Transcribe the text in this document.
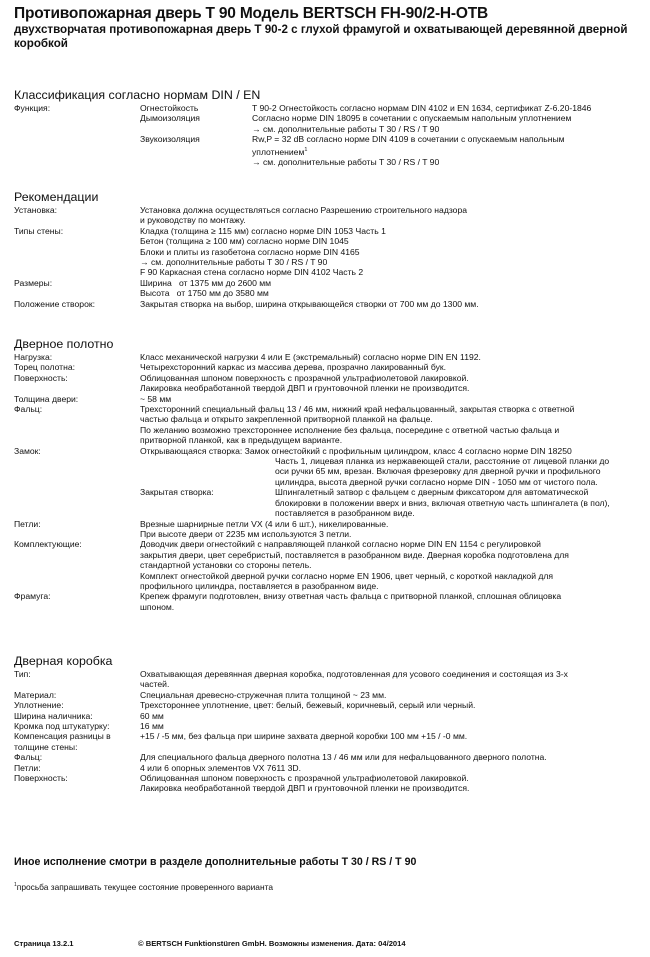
Противопожарная дверь T 90 Модель BERTSCH FH-90/2-H-OTB
двухстворчатая противопожарная дверь T 90-2 с глухой фрамугой и охватывающей деревянной дверной коробкой
Классификация согласно нормам DIN / EN
Функция:	Огнестойкость	T 90-2 Огнестойкость согласно нормам DIN 4102 и EN 1634, сертификат Z-6.20-1846

Дымоизоляция	Согласно норме DIN 18095 в сочетании с опускаемым напольным уплотнением

→ см. дополнительные работы T 30 / RS / T 90

Звукоизоляция	Rw,P = 32 dB согласно норме DIN 4109 в сочетании с опускаемым напольным

уплотнением$^1$

→ см. дополнительные работы T 30 / RS / T 90

Рекомендации
Установка:	Установка должна осуществляться согласно Разрешению строительного надзора

и руководству по монтажу.

Типы стены:	Кладка (толщина ≥ 115 мм) согласно норме DIN 1053 Часть 1

Бетон (толщина ≥ 100 мм) согласно норме DIN 1045

Блоки и плиты из газобетона согласно норме DIN 4165

→ см. дополнительные работы T 30 / RS / T 90

F 90 Каркасная стена согласно норме DIN 4102 Часть 2

Размеры:	Ширина   от 1375 мм до 2600 мм

Высота   от 1750 мм до 3580 мм

Положение створок:	Закрытая створка на выбор, ширина открывающейся створки от 700 мм до 1300 мм.

Дверное полотно
Нагрузка:	Класс механической нагрузки 4 или E (экстремальный) согласно норме DIN EN 1192.

Торец полотна:	Четырехсторонний каркас из массива дерева, прозрачно лакированный бук.

Поверхность:	Облицованная шпоном поверхность с прозрачной ультрафиолетовой лакировкой.

Лакировка необработанной твердой ДВП и грунтовочной пленки не производится.

Толщина двери:	~ 58 мм

Фальц:	Трехсторонний специальный фальц 13 / 46 мм, нижний край нефальцованный, закрытая створка с ответной

частью фальца и открыто закрепленной притворной планкой на фальце.

По желанию возможно трехстороннее исполнение без фальца, посередине с ответной частью фальца и

притворной планкой, как в предыдущем варианте.

Замок:	Открывающаяся створка: Замок огнестойкий с профильным цилиндром, класс 4 согласно норме DIN 18250

Часть 1, лицевая планка из нержавеющей стали, расстояние от лицевой планки до

оси ручки 65 мм, врезан. Включая фрезеровку для дверной ручки и профильного

цилиндра, высота дверной ручки согласно норме DIN - 1050 мм от чистого пола.

Закрытая створка:	Шпингалетный затвор с фальцем с дверным фиксатором для автоматической

блокировки в положении вверх и вниз, включая ответную часть шпингалета (в пол),

поставляется в разобранном виде.

Петли:	Врезные шарнирные петли VX (4 или 6 шт.), никелированные.

При высоте двери от 2235 мм используются 3 петли.

Комплектующие:	Доводчик двери огнестойкий с направляющей планкой согласно норме DIN EN 1154 с регулировкой

закрытия двери, цвет серебристый, поставляется в разобранном виде. Дверная коробка подготовлена для

стандартной установки со стороны петель.

Комплект огнестойкой дверной ручки согласно норме EN 1906, цвет черный, с короткой накладкой для

профильного цилиндра, поставляется в разобранном виде.

Фрамуга:	Крепеж фрамуги подготовлен, внизу ответная часть фальца с притворной планкой, сплошная облицовка

шпоном.

Дверная коробка
Тип:	Охватывающая деревянная дверная коробка, подготовленная для усового соединения и состоящая из 3-х

частей.

Материал:	Специальная древесно-стружечная плита толщиной ~ 23 мм.

Уплотнение:	Трехстороннее уплотнение, цвет: белый, бежевый, коричневый, серый или черный.

Ширина наличника:	60 мм

Кромка под штукатурку:	16 мм

Компенсация разницы в толщине стены:

+15 / -5 мм, без фальца при ширине захвата дверной коробки 100 мм +15 / -0 мм.

Фальц:	Для специального фальца дверного полотна 13 / 46 мм или для нефальцованного дверного полотна.

Петли:	4 или 6 опорных элементов VX 7611 3D.

Поверхность:	Облицованная шпоном поверхность с прозрачной ультрафиолетовой лакировкой.

Лакировка необработанной твердой ДВП и грунтовочной пленки не производится.

Иное исполнение смотри в разделе дополнительные работы T 30 / RS / T 90
$^1$просьба запрашивать текущее состояние проверенного варианта
Страница 13.2.1	© BERTSCH Funktionstüren GmbH. Возможны изменения. Дата: 04/2014
